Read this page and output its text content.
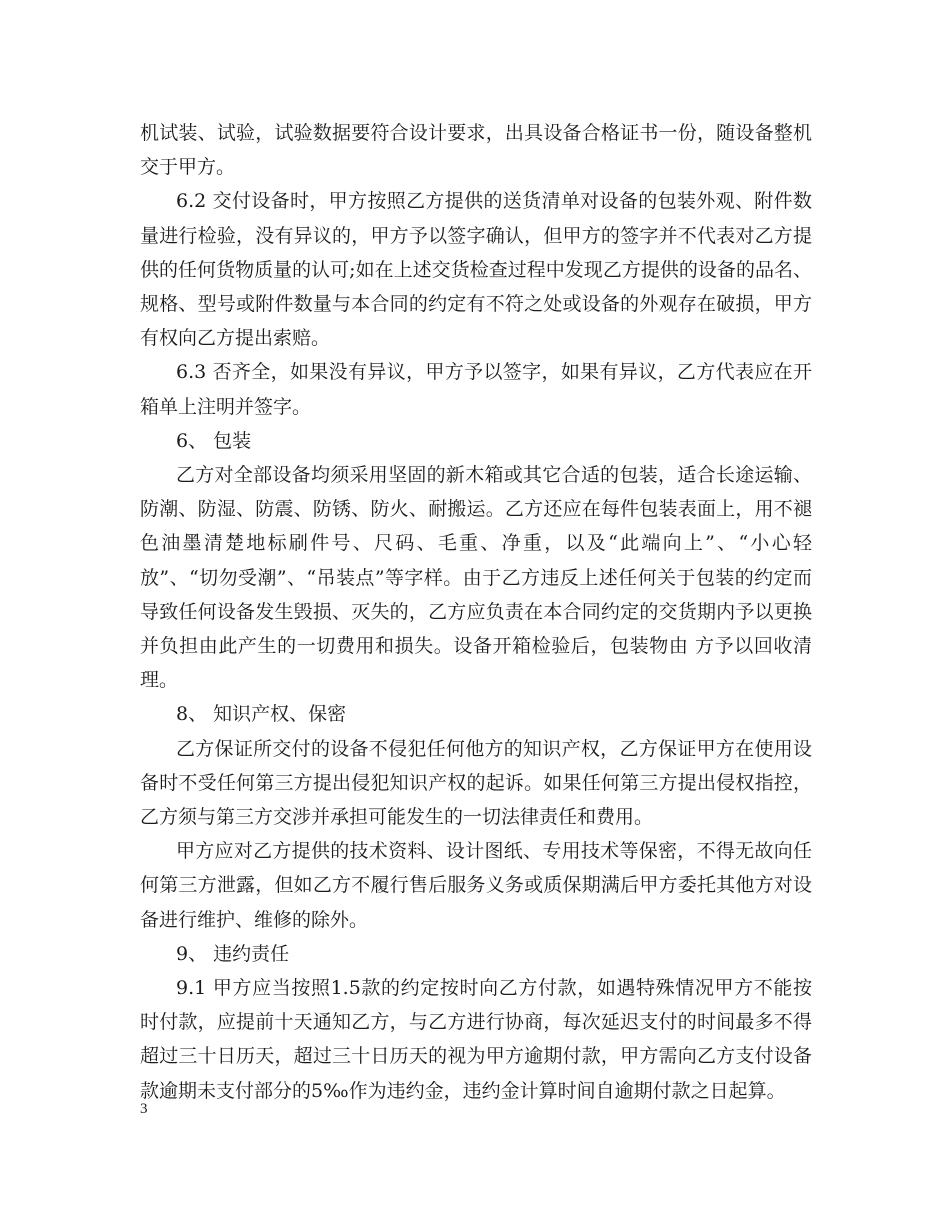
机试装、试验，试验数据要符合设计要求，出具设备合格证书一份，随设备整机交于甲方。

6.2 交付设备时，甲方按照乙方提供的送货清单对设备的包装外观、附件数量进行检验，没有异议的，甲方予以签字确认，但甲方的签字并不代表对乙方提供的任何货物质量的认可;如在上述交货检查过程中发现乙方提供的设备的品名、规格、型号或附件数量与本合同的约定有不符之处或设备的外观存在破损，甲方有权向乙方提出索赔。

6.3 否齐全，如果没有异议，甲方予以签字，如果有异议，乙方代表应在开箱单上注明并签字。

6、 包装

乙方对全部设备均须采用坚固的新木箱或其它合适的包装，适合长途运输、防潮、防湿、防震、防锈、防火、耐搬运。乙方还应在每件包装表面上，用不褪色油墨清楚地标刷件号、尺码、毛重、净重，以及“此端向上”、“小心轻放”、“切勿受潮”、“吊装点”等字样。由于乙方违反上述任何关于包装的约定而导致任何设备发生毁损、灭失的，乙方应负责在本合同约定的交货期内予以更换并负担由此产生的一切费用和损失。设备开箱检验后，包装物由 方予以回收清理。

8、 知识产权、保密

乙方保证所交付的设备不侵犯任何他方的知识产权，乙方保证甲方在使用设备时不受任何第三方提出侵犯知识产权的起诉。如果任何第三方提出侵权指控，乙方须与第三方交涉并承担可能发生的一切法律责任和费用。

甲方应对乙方提供的技术资料、设计图纸、专用技术等保密，不得无故向任何第三方泄露，但如乙方不履行售后服务义务或质保期满后甲方委托其他方对设备进行维护、维修的除外。

9、 违约责任

9.1 甲方应当按照1.5款的约定按时向乙方付款，如遇特殊情况甲方不能按时付款，应提前十天通知乙方，与乙方进行协商，每次延迟支付的时间最多不得超过三十日历天，超过三十日历天的视为甲方逾期付款，甲方需向乙方支付设备款逾期未支付部分的5‰作为违约金，违约金计算时间自逾期付款之日起算。

3
